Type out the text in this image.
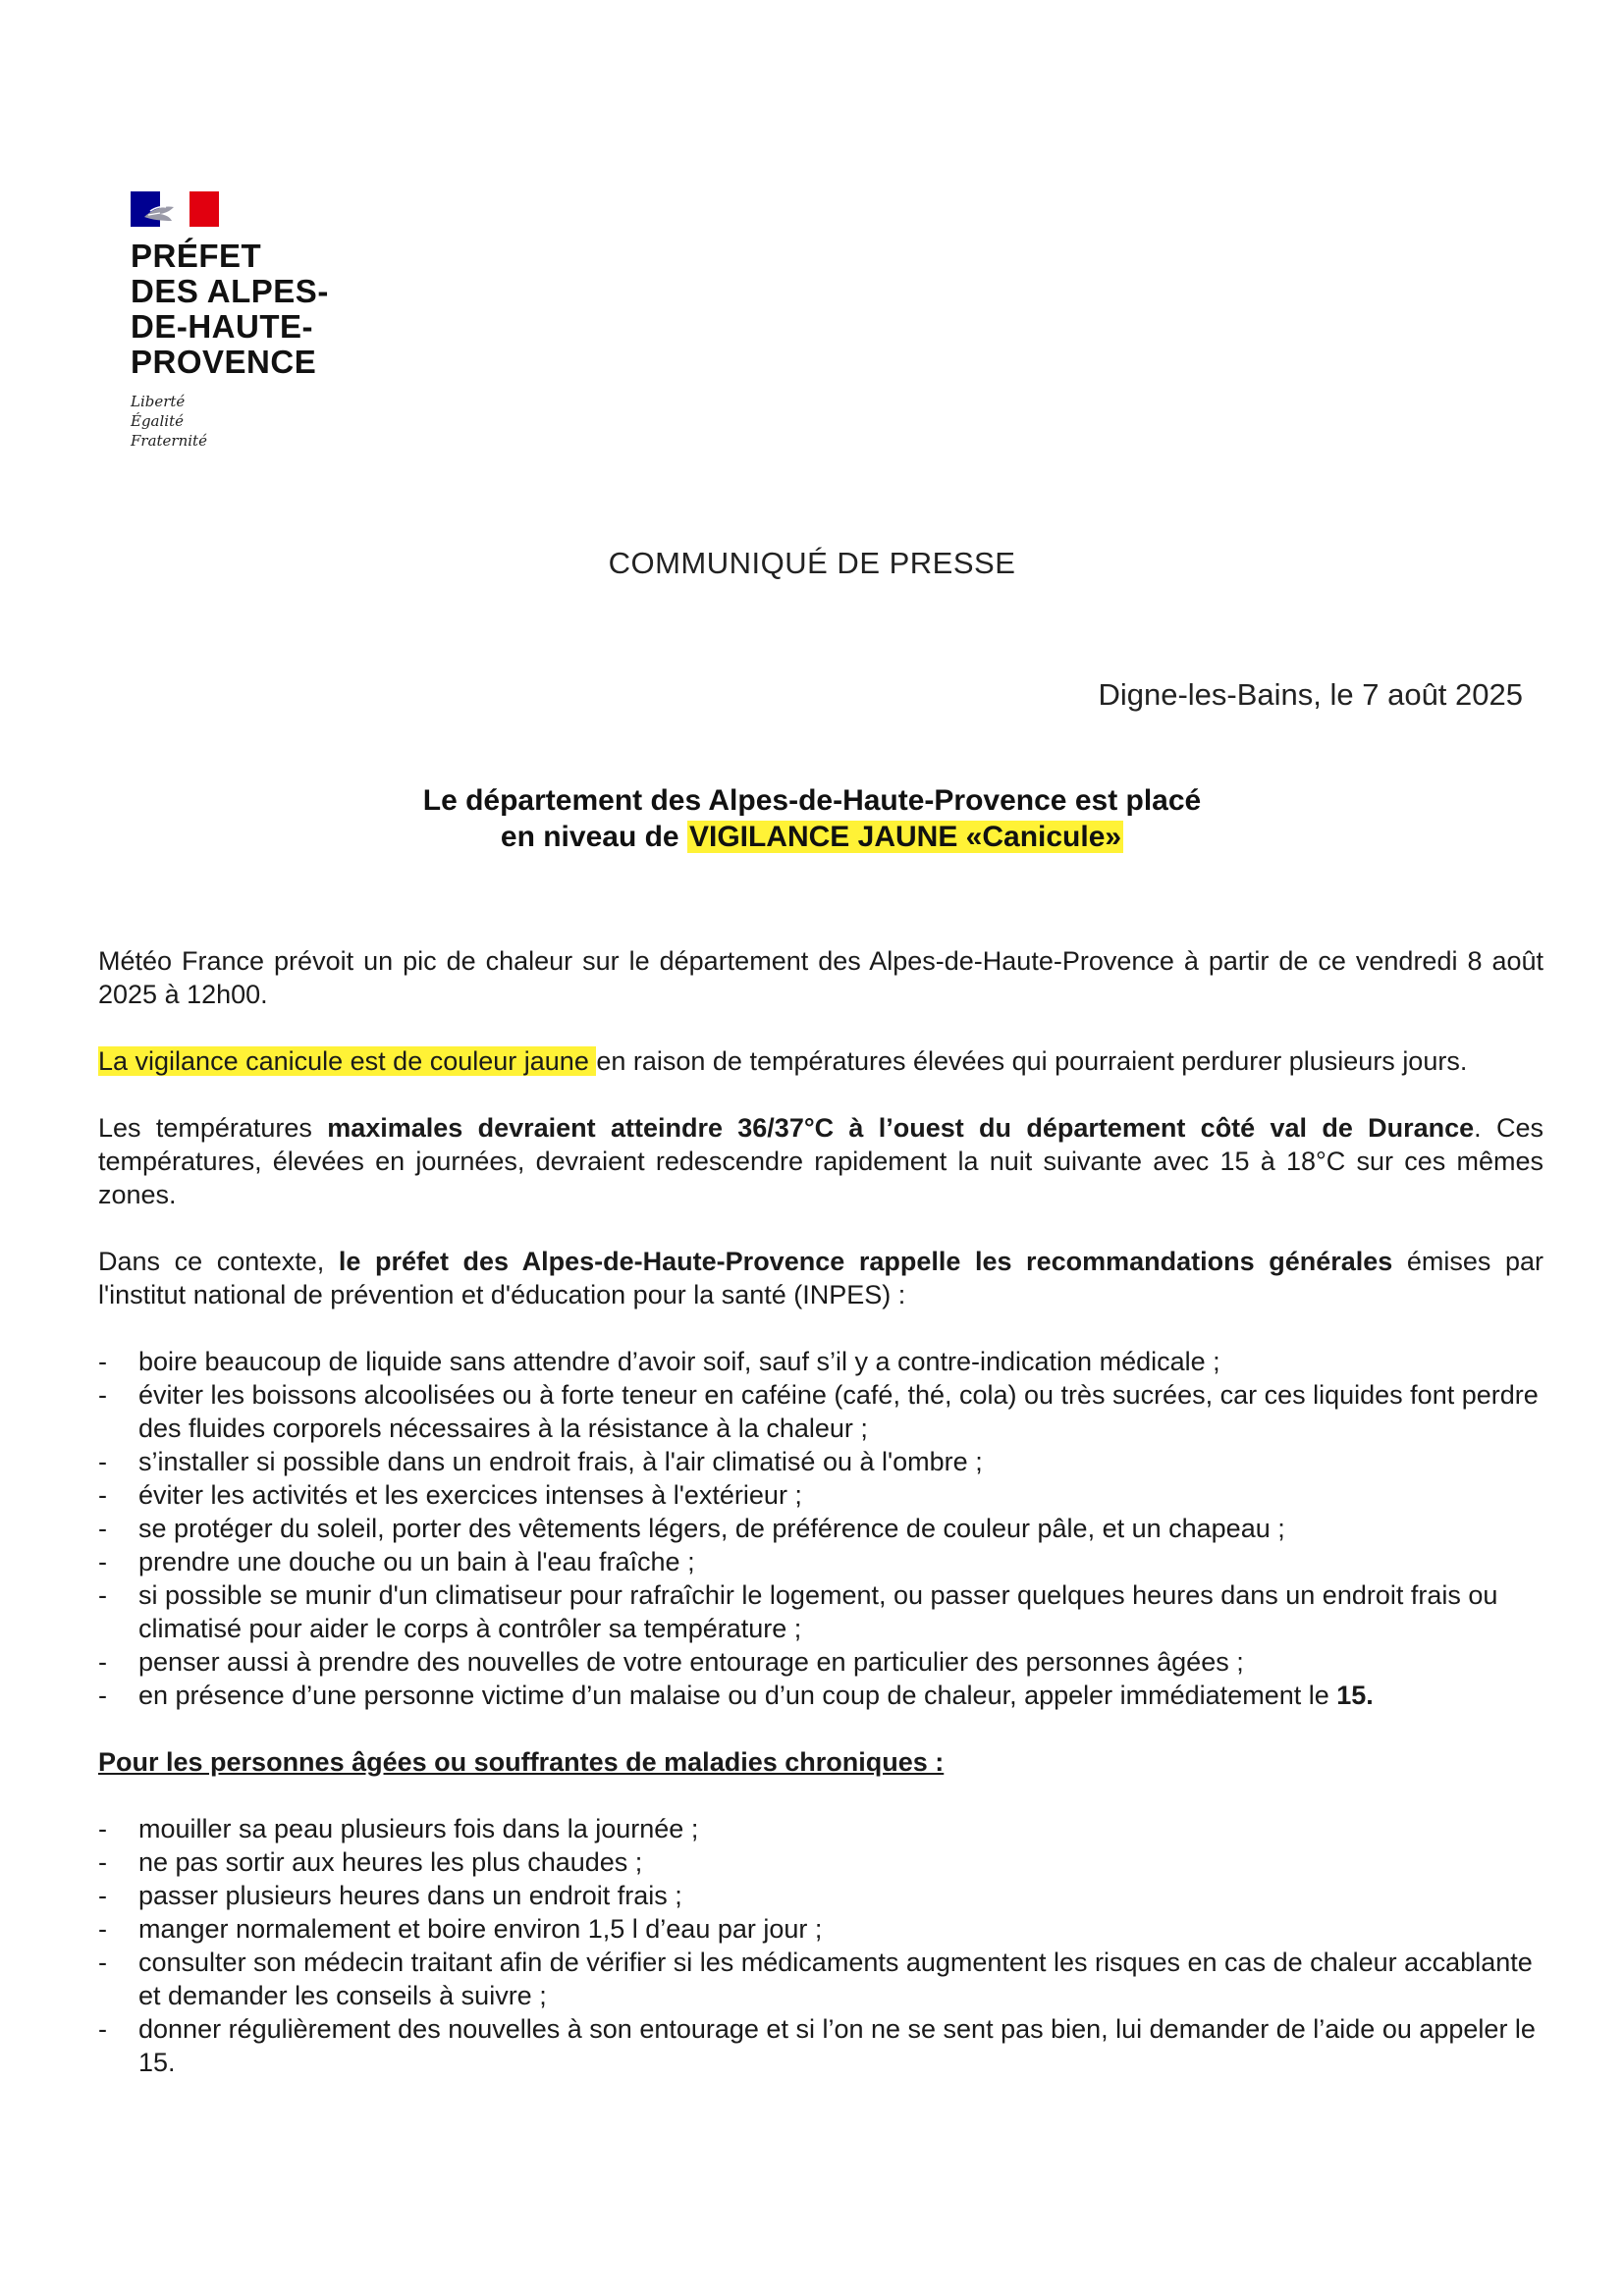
PRÉFET
DES ALPES-
DE-HAUTE-
PROVENCE
Liberté
Égalité
Fraternité
COMMUNIQUÉ DE PRESSE
Digne-les-Bains, le 7 août 2025
Le département des Alpes-de-Haute-Provence est placé
en niveau de VIGILANCE JAUNE «Canicule»

Météo France prévoit un pic de chaleur sur le département des Alpes-de-Haute-Provence à partir de ce vendredi 8 août 2025 à 12h00.

La vigilance canicule est de couleur jaune en raison de températures élevées qui pourraient perdurer plusieurs jours.

Les températures maximales devraient atteindre 36/37°C à l’ouest du département côté val de Durance. Ces températures, élevées en journées, devraient redescendre rapidement la nuit suivante avec 15 à 18°C sur ces mêmes zones.

Dans ce contexte, le préfet des Alpes-de-Haute-Provence rappelle les recommandations générales émises par l'institut national de prévention et d'éducation pour la santé (INPES) :

- boire beaucoup de liquide sans attendre d’avoir soif, sauf s’il y a contre-indication médicale ;
- éviter les boissons alcoolisées ou à forte teneur en caféine (café, thé, cola) ou très sucrées, car ces liquides font perdre des fluides corporels nécessaires à la résistance à la chaleur ;
- s’installer si possible dans un endroit frais, à l'air climatisé ou à l'ombre ;
- éviter les activités et les exercices intenses à l'extérieur ;
- se protéger du soleil, porter des vêtements légers, de préférence de couleur pâle, et un chapeau ;
- prendre une douche ou un bain à l'eau fraîche ;
- si possible se munir d'un climatiseur pour rafraîchir le logement, ou passer quelques heures dans un endroit frais ou climatisé pour aider le corps à contrôler sa température ;
- penser aussi à prendre des nouvelles de votre entourage en particulier des personnes âgées ;
- en présence d’une personne victime d’un malaise ou d’un coup de chaleur, appeler immédiatement le 15.

Pour les personnes âgées ou souffrantes de maladies chroniques :

- mouiller sa peau plusieurs fois dans la journée ;
- ne pas sortir aux heures les plus chaudes ;
- passer plusieurs heures dans un endroit frais ;
- manger normalement et boire environ 1,5 l d’eau par jour ;
- consulter son médecin traitant afin de vérifier si les médicaments augmentent les risques en cas de chaleur accablante et demander les conseils à suivre ;
- donner régulièrement des nouvelles à son entourage et si l’on ne se sent pas bien, lui demander de l’aide ou appeler le 15.
